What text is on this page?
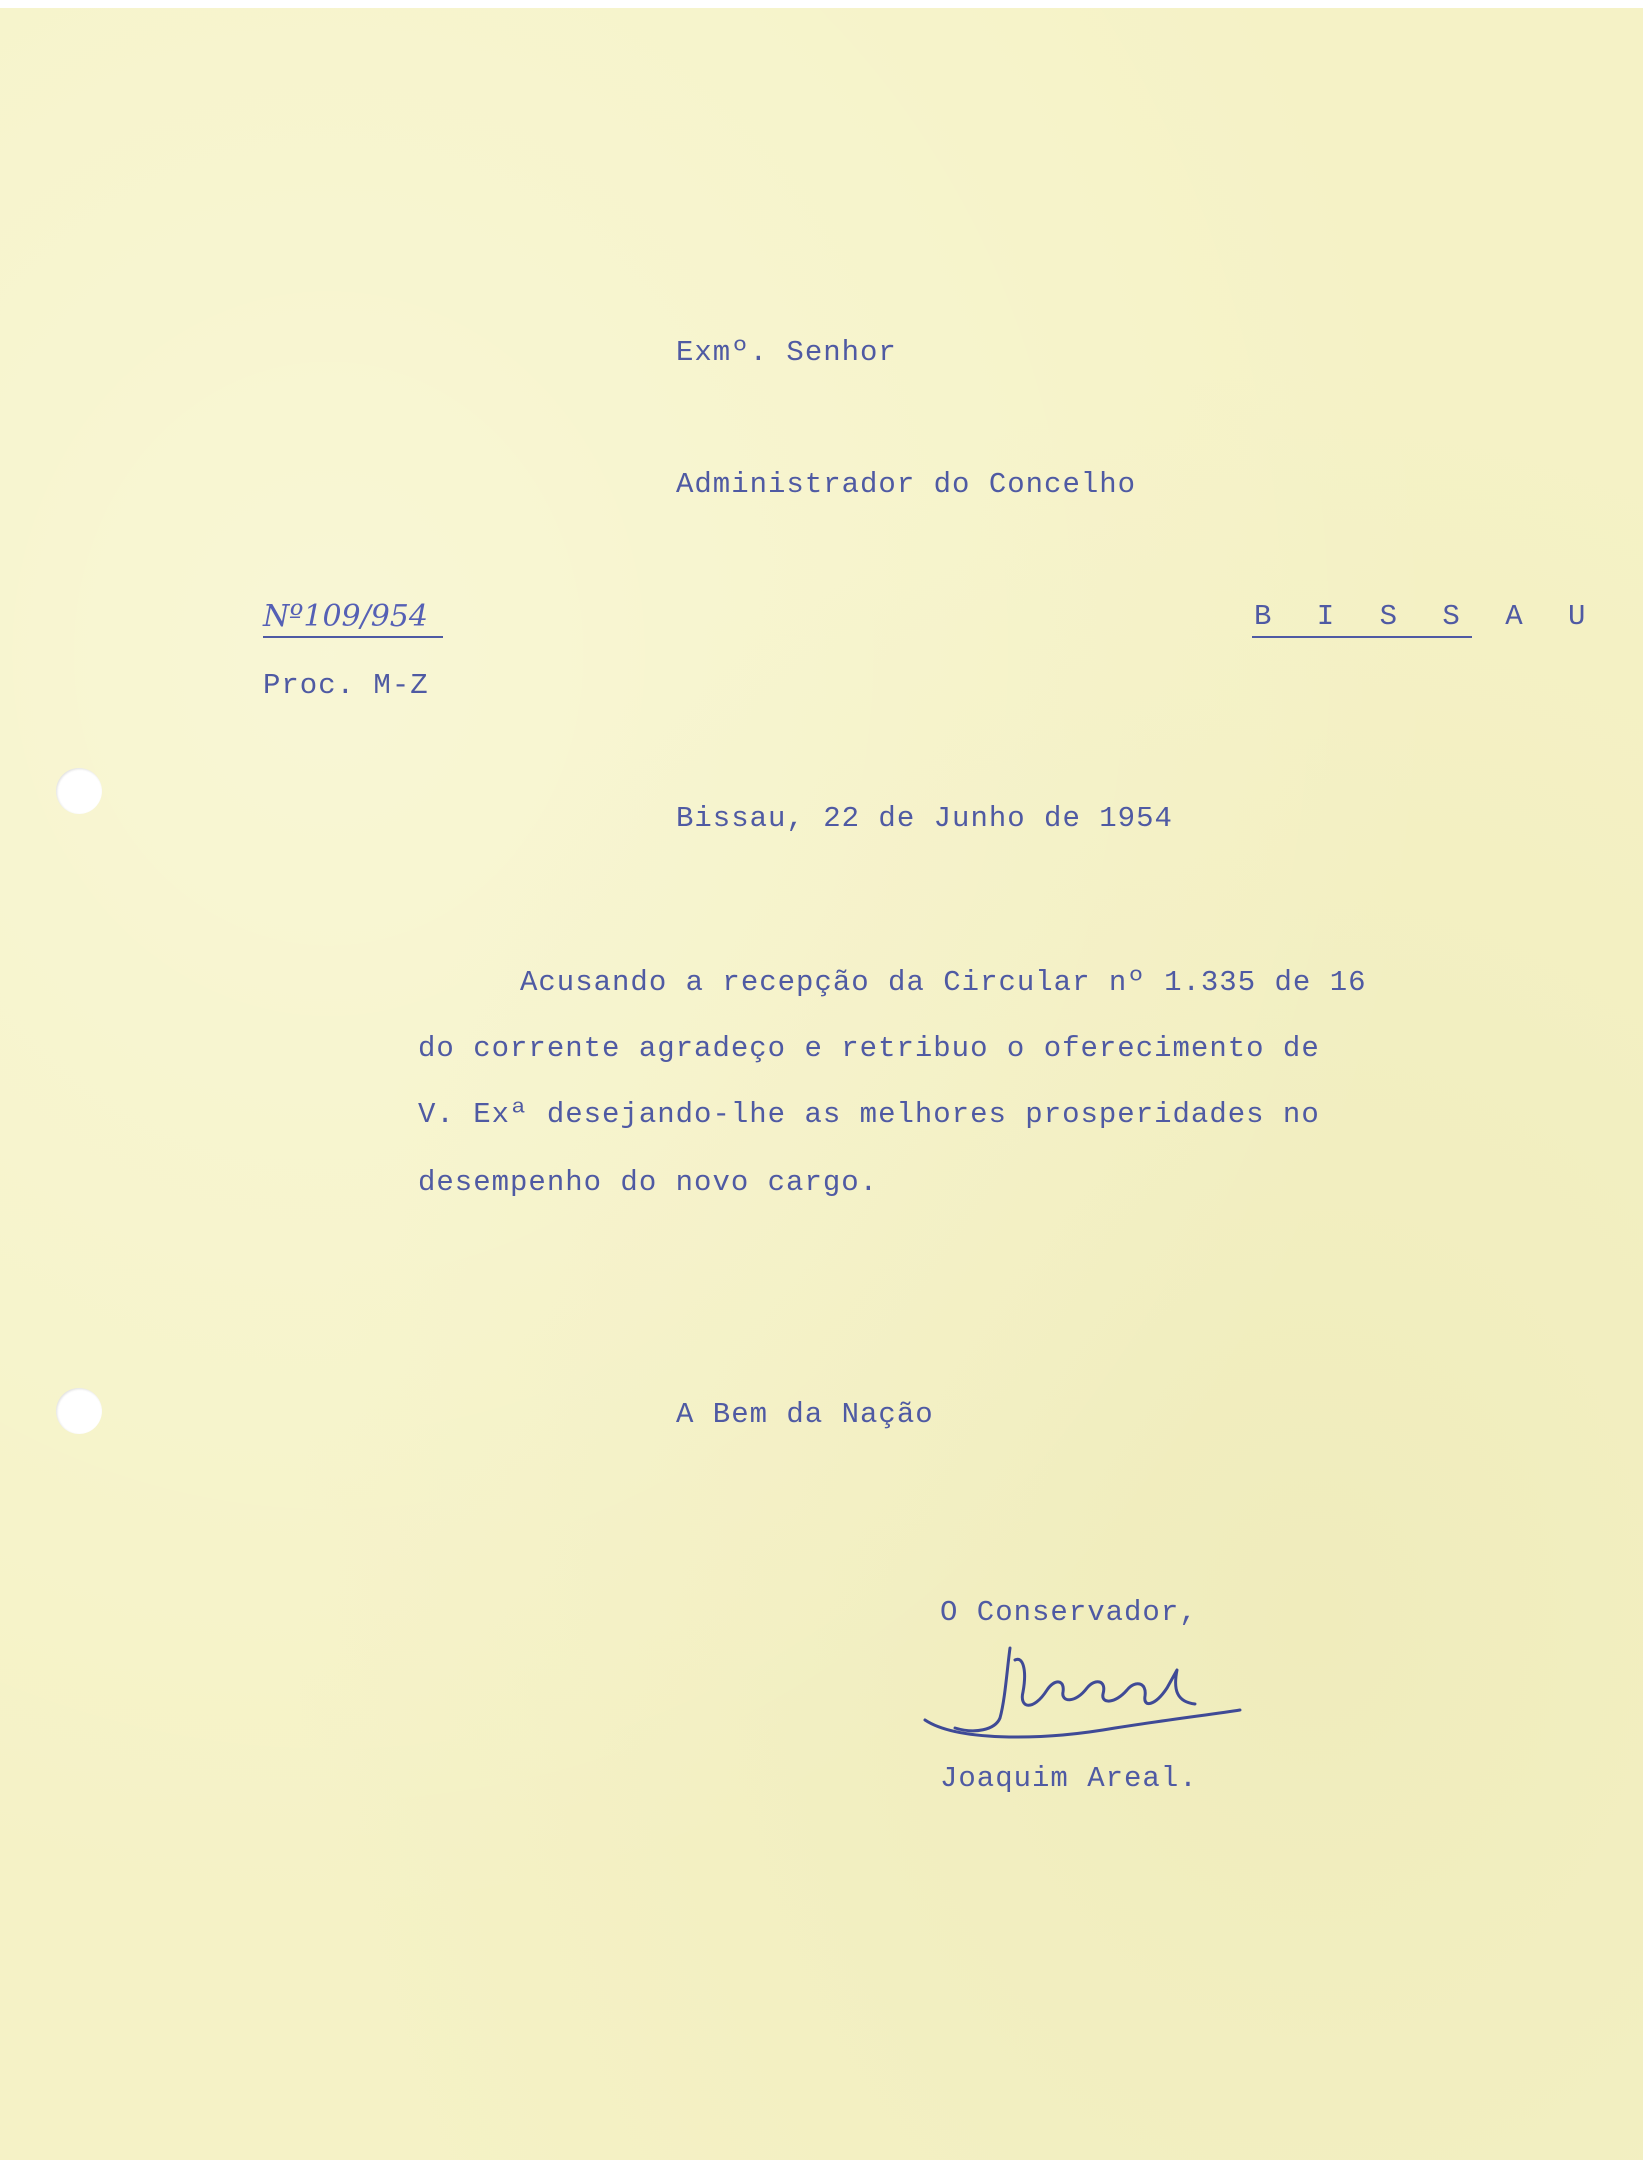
Exmº. Senhor
Administrador do Concelho
Nº109/954
Proc. M-Z
B I S S A U
Bissau, 22 de Junho de 1954
Acusando a recepção da Circular nº 1.335 de 16
do corrente agradeço e retribuo o oferecimento de
V. Exª desejando-lhe as melhores prosperidades no
desempenho do novo cargo.
A Bem da Nação
O Conservador,
Joaquim Areal.
